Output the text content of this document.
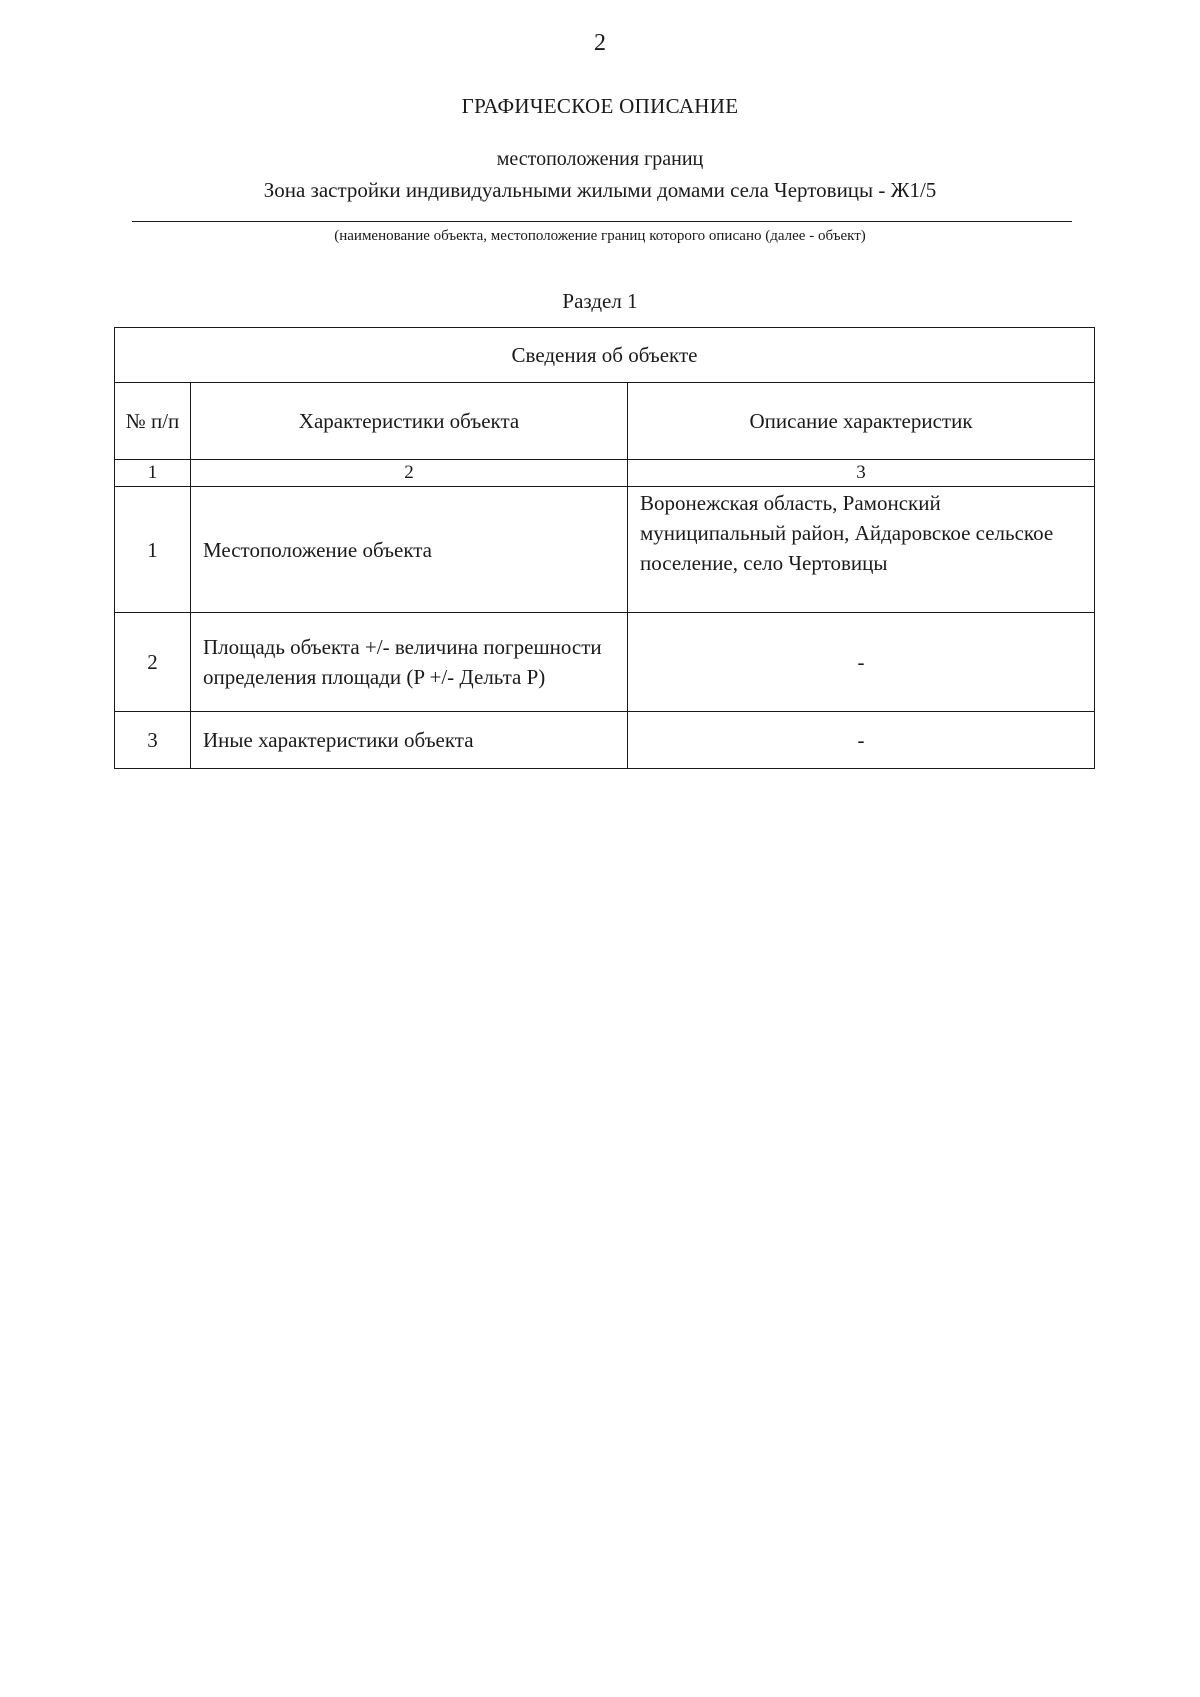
2
ГРАФИЧЕСКОЕ ОПИСАНИЕ
местоположения границ
Зона застройки индивидуальными жилыми домами села Чертовицы - Ж1/5
(наименование объекта, местоположение границ которого описано (далее - объект)
Раздел 1
Сведения об объекте		
№ п/п	Характеристики объекта	Описание характеристик
1	2	3
1	Местоположение объекта	Воронежская область, Рамонский муниципальный район, Айдаровское сельское поселение, село Чертовицы
2	Площадь объекта +/- величина погрешности определения площади (P +/- Дельта P)	-
3	Иные характеристики объекта	-
